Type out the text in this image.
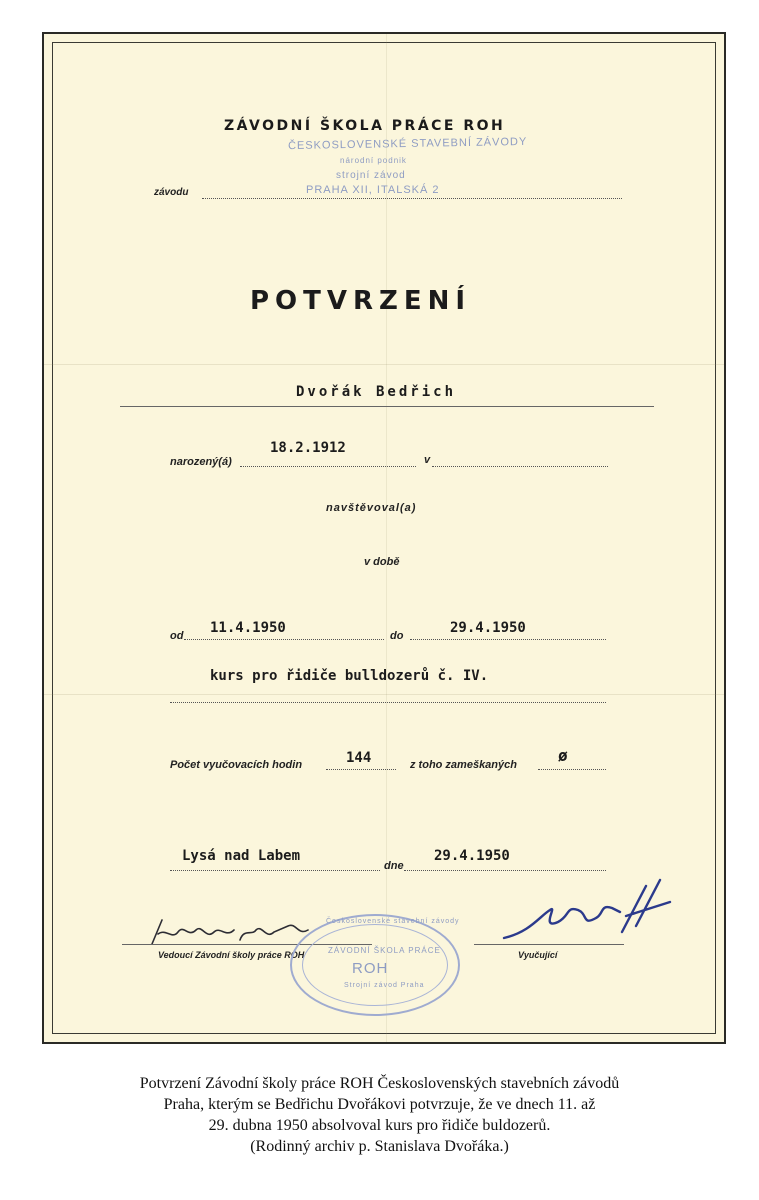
ZÁVODNÍ ŠKOLA PRÁCE ROH
ČESKOSLOVENSKÉ STAVEBNÍ ZÁVODY
národní podnik
strojní závod
PRAHA XII, ITALSKÁ 2
závodu
POTVRZENÍ
Dvořák Bedřich
narozený(á)
18.2.1912
v
navštěvoval(a)
v době
od 11.4.1950	do	29.4.1950
kurs pro řidiče bulldozerů č. IV.
Počet vyučovacích hodin	144	z toho zameškaných	ø
Lysá nad Labem
dne
29.4.1950
Vedoucí Závodní školy práce ROH	Vyučující
Československé stavební závody
ZÁVODNÍ ŠKOLA PRÁCE
ROH
Strojní závod Praha
Potvrzení Závodní školy práce ROH Československých stavebních závodů
Praha, kterým se Bedřichu Dvořákovi potvrzuje, že ve dnech 11. až
29. dubna 1950 absolvoval kurs pro řidiče buldozerů.
(Rodinný archiv p. Stanislava Dvořáka.)
